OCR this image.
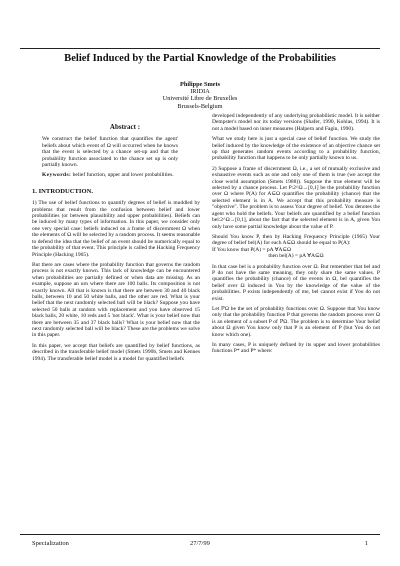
Belief Induced by the Partial Knowledge of the Probabilities
Philippe Smets
IRIDIA
Université Libre de Bruxelles
Brussels-Belgium
Abstract :

We construct the belief function that quantifies the agent' beliefs about which event of Ω will occurred when he knows that the event is selected by a chance set-up and that the probability function associated to the chance set up is only partially known.

Keywords: belief function, upper and lower probabilities.

1. INTRODUCTION.

1) The use of belief functions to quantify degrees of belief is muddled by problems that result from the confusion between belief and lower probabilities (or between plausibility and upper probabilities). Beliefs can be induced by many types of information. In this paper, we consider only one very special case: beliefs induced on a frame of discernment Ω when the elements of Ω will be selected by a random process. It seems reasonable to defend the idea that the belief of an event should be numerically equal to the probability of that event. This principle is called the Hacking Frequency Principle (Hacking 1965).

But there are cases where the probability function that governs the random process is not exactly known. This lack of knowledge can be encountered when probabilities are partially defined or when data are missing. As an example, suppose an urn where there are 100 balls. Its composition is not exactly known. All that is known is that there are between 30 and 40 black balls, between 10 and 50 white balls, and the other are red. What is your belief that the next randomly selected ball will be black? Suppose you have selected 50 balls at random with replacement and you have observed 15 black balls, 20 white, 10 reds and 5 'not black'. What is your belief now that there are between 35 and 37 black balls? What is your belief now that the next randomly selected ball will be black? These are the problems we solve in this paper.

In this paper, we accept that beliefs are quantified by belief functions, as described in the transferable belief model (Smets 1990b, Smets and Kennes 1994). The transferable belief model is a model for quantified beliefs

developed independently of any underlying probabilistic model. It is neither Dempster's model nor its today versions (Shafer, 1990, Kohlas, 1994). It is not a model based on inner measures (Halpern and Fagin, 1990).

What we study here is just a special case of belief function. We study the belief induced by the knowledge of the existence of an objective chance set up that generates random events according to a probability function, probability function that happens to be only partially known to us.

2) Suppose a frame of discernment Ω, i.e., a set of mutually exclusive and exhaustive events such as one and only one of them is true (we accept the close world assumption (Smets 1988)). Suppose the true element will be selected by a chance process. Let P:2^Ω→[0,1] be the probability function over Ω where P(A) for A⊆Ω quantifies the probability (chance) that the selected element is in A. We accept that this probability measure is "objective". The problem is to assess Your degree of belief. You denotes the agent who hold the beliefs. Your beliefs are quantified by a belief function bel:2^Ω→[0,1], about the fact that the selected element is in A, given You only have some partial knowledge about the value of P.

Should You know P, then by Hacking Frequency Principle (1965) Your degree of belief bel(A) for each A⊆Ω should be equal to P(A):

If You know that P(A) = pA ∀A⊆Ω

then bel(A) = pA ∀A⊆Ω

In that case bel is a probability function over Ω. But remember that bel and P do not have the same meaning, they only share the same values. P quantifies the probability (chance) of the events in Ω, bel quantifies the belief over Ω induced in You by the knowledge of the value of the probabilities. P exists independently of me, bel cannot exist if You do not exist.

Let ℙΩ be the set of probability functions over Ω. Suppose that You know only that the probability function P that governs the random process over Ω is an element of a subset P of ℙΩ. The problem is to determine Your belief about Ω given You know only that P is an element of P (but You do not know which one).

In many cases, P is uniquely defined by its upper and lower probabilities functions P* and P* where:

Specialization	27/7/99	1
